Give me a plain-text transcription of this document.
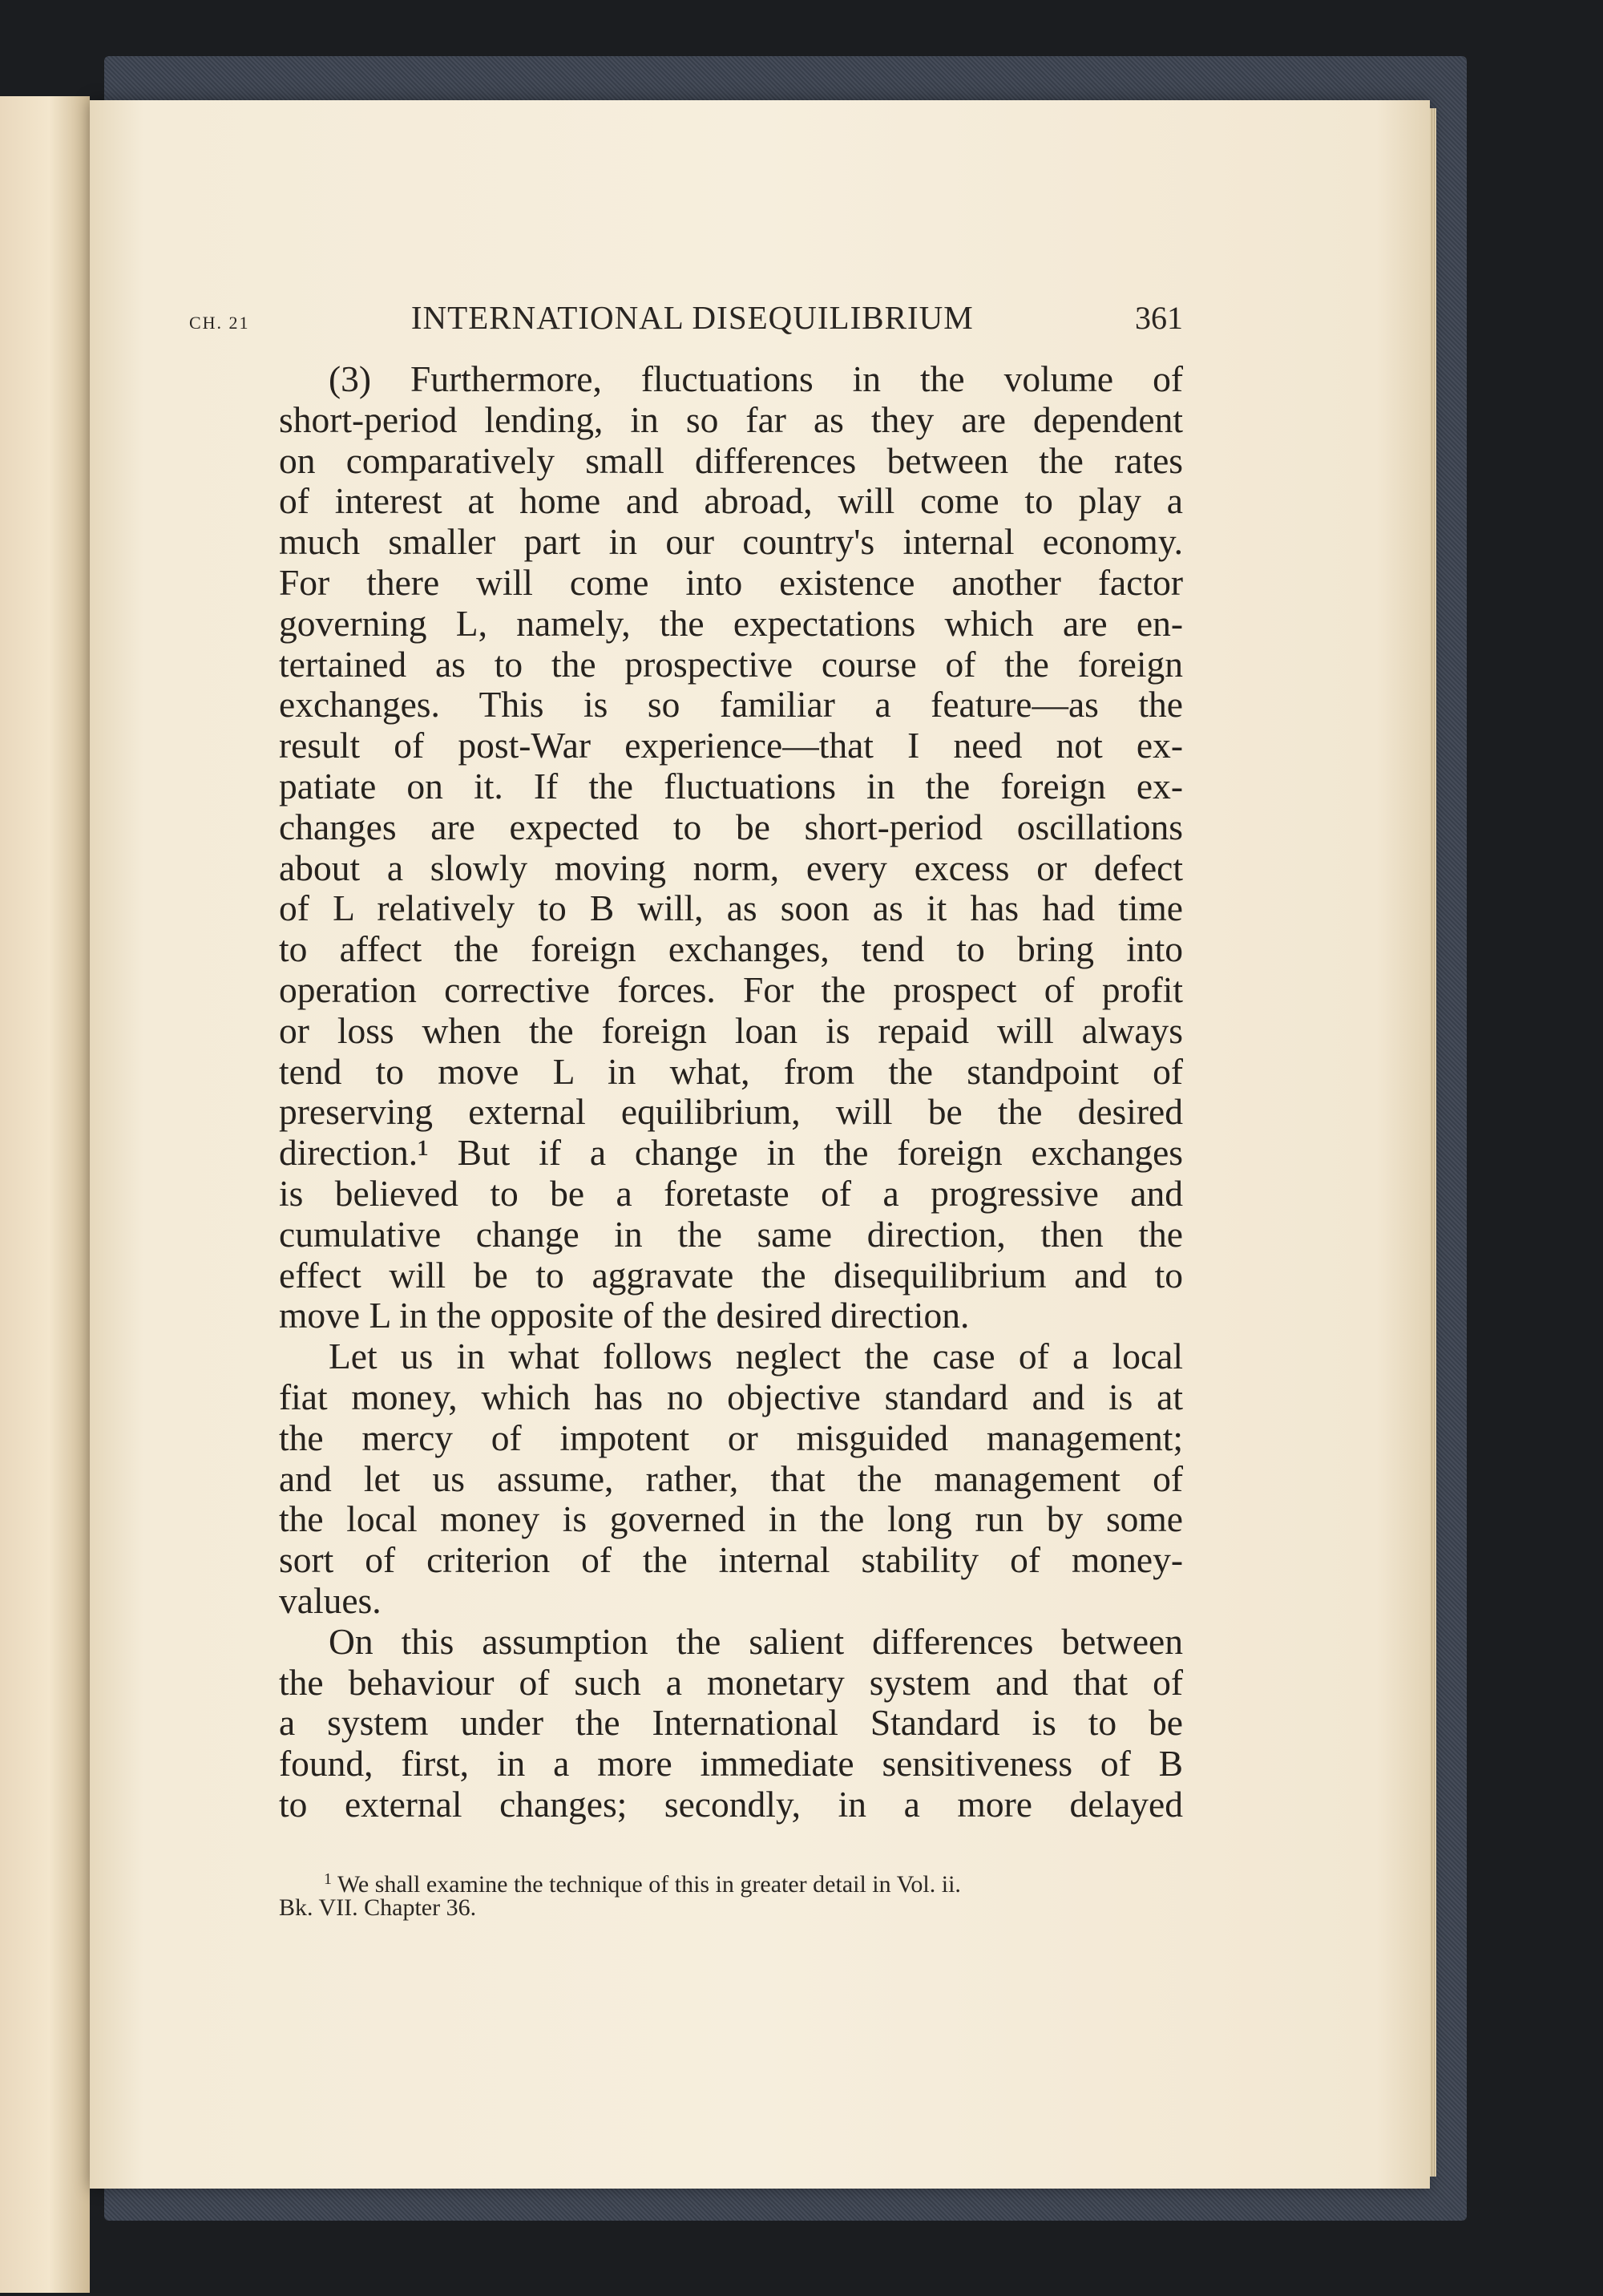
CH. 21	INTERNATIONAL DISEQUILIBRIUM	361
(3) Furthermore, fluctuations in the volume of
short-period lending, in so far as they are dependent
on comparatively small differences between the rates
of interest at home and abroad, will come to play a
much smaller part in our country's internal economy.
For there will come into existence another factor
governing L, namely, the expectations which are en-
tertained as to the prospective course of the foreign
exchanges. This is so familiar a feature—as the
result of post-War experience—that I need not ex-
patiate on it. If the fluctuations in the foreign ex-
changes are expected to be short-period oscillations
about a slowly moving norm, every excess or defect
of L relatively to B will, as soon as it has had time
to affect the foreign exchanges, tend to bring into
operation corrective forces. For the prospect of profit
or loss when the foreign loan is repaid will always
tend to move L in what, from the standpoint of
preserving external equilibrium, will be the desired
direction.¹ But if a change in the foreign exchanges
is believed to be a foretaste of a progressive and
cumulative change in the same direction, then the
effect will be to aggravate the disequilibrium and to
move L in the opposite of the desired direction.
Let us in what follows neglect the case of a local
fiat money, which has no objective standard and is at
the mercy of impotent or misguided management;
and let us assume, rather, that the management of
the local money is governed in the long run by some
sort of criterion of the internal stability of money-
values.
On this assumption the salient differences between
the behaviour of such a monetary system and that of
a system under the International Standard is to be
found, first, in a more immediate sensitiveness of B
to external changes; secondly, in a more delayed
$^1$ We shall examine the technique of this in greater detail in Vol. ii.
Bk. VII. Chapter 36.
